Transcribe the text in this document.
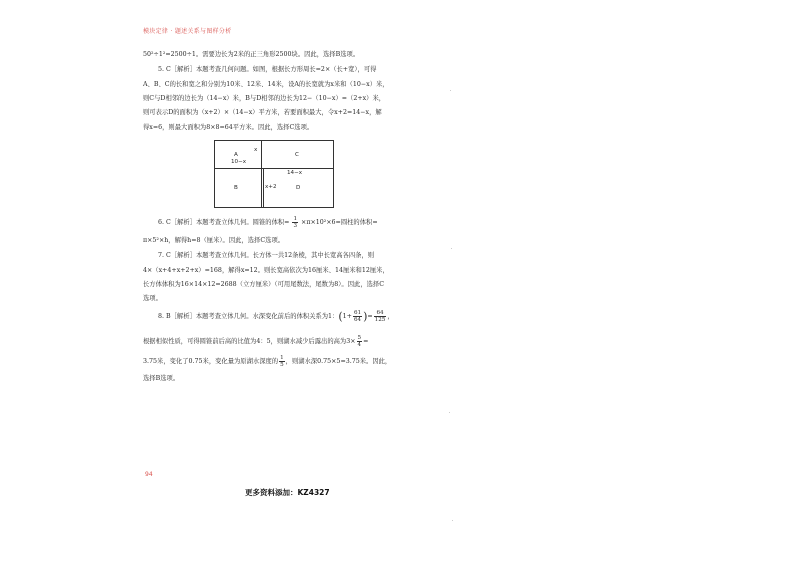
模块定律 · 题述关系与图样分析
50²÷1²=2500÷1。需要边长为2米的正三角形2500块。因此，选择B选项。
5. C［解析］本题考查几何问题。如图，根据长方形周长=2×（长+宽），可得
A、B、C的长和宽之和分别为10米、12米、14米，设A的长宽就为x米和（10−x）米，
则C与D相邻的边长为（14−x）米，B与D相邻的边长为12−（10−x）=（2+x）米，
则可表示D的面积为（x+2）×（14−x）平方米，若要面积最大，令x+2=14−x，解
得x=6，则最大面积为8×8=64平方米。因此，选择C选项。
A
10−x
x
C
B
14−x
x+2	D
6. C［解析］本题考查立体几何。圆锥的体积= $\frac{1}{3} \times\pi\times 10^2\times 6=$圆柱的体积=
π×5²×h，解得h=8（厘米）。因此，选择C选项。
7. C［解析］本题考查立体几何。长方体一共12条棱，其中长宽高各四条，则
4×（x+4+x+2+x）=168，解得x=12。则长宽高依次为16厘米、14厘米和12厘米，
长方体体积为16×14×12=2688（立方厘米）（可用尾数法，尾数为8）。因此，选择C
选项。
8. B［解析］本题考查立体几何。水深变化前后的体积关系为1：($1+ \frac{61}{64}$ )= $\frac{64}{125}$ ，
根据相似性质，可得圆锥前后高的比值为4：5，则湖水减少后露出的高为$3\times \frac{5}{4}$ =
3.75米，变化了0.75米，变化量为原湖水深度的 $\frac{1}{5}$ ，则湖水深0.75×5=3.75米。因此，
选择B选项。
94
更多资料添加：KZ4327
